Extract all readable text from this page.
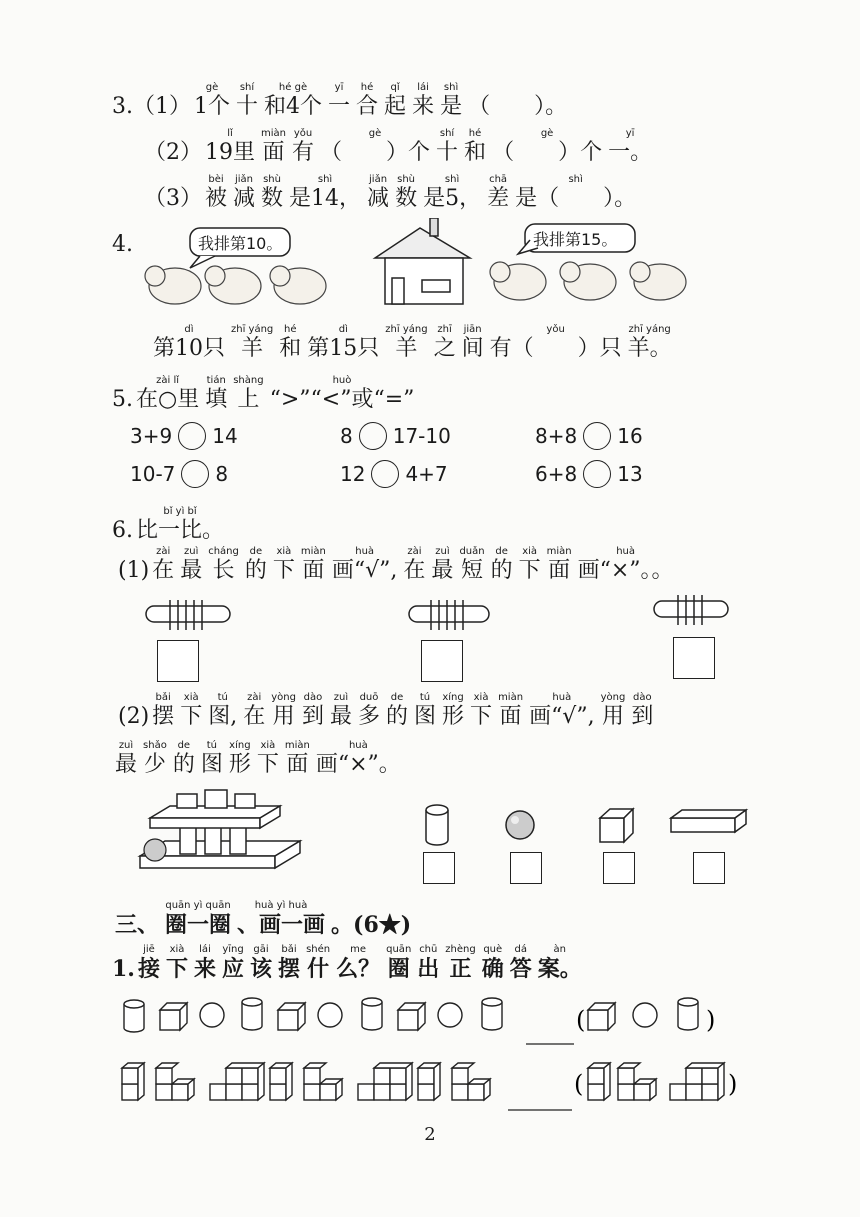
3. （1）
gè
1个
shí
十
hé gè
和4个
yī
一
hé
合
qǐ
起
lái
来
shì
是 （　　）。
（2）
lǐ
19里
miàn
面
yǒu
有
gè
（　　）个
shí
十
hé
和
gè
（　　）个
yī
一。
（3）
bèi
被
jiǎn
减
shù
数
shì
是14，
jiǎn
减
shù
数
shì
是5，
chā
差
shì
是（　　）。
4.	我排第10。	我排第15。
dì
第10只
zhī yáng
羊
hé
和
dì
第15只
zhī yáng
羊
zhī
之
jiān
间
yǒu
有（　　）只
zhī yáng
羊。
5.
zài lǐ
在○里
tián
填
shàng
上
huò
“>”“<”或“=”
3+9 14	8 17-10	8+8 16
10-7 8	12 4+7	6+8 13
6.
bǐ yì bǐ
比一比。
(1)
zài
在
zuì
最
cháng
长
de
的
xià
下
miàn
面
huà
画“√”,
zài
在
zuì
最
duǎn
短
de
的
xià
下
miàn
面
huà
画“×”。。
(2)
bǎi
摆
xià
下
tú
图,
zài
在
yòng
用
dào
到
zuì
最
duō
多
de
的
tú
图
xíng
形
xià
下
miàn
面
huà
画“√”,
yòng
用
dào
到
zuì
最
shǎo
少
de
的
tú
图
xíng
形
xià
下
miàn
面
huà
画“×”。
三、
quān yì quān
圈一圈
huà yì huà
、画一画 。(6★)
1.
jiē
接
xià
下
lái
来
yīng
应
gāi
该
bǎi
摆
shén
什
me
么？
quān
圈
chū
出
zhèng
正
què
确
dá
答
àn
案。
(	)
(	)
2
